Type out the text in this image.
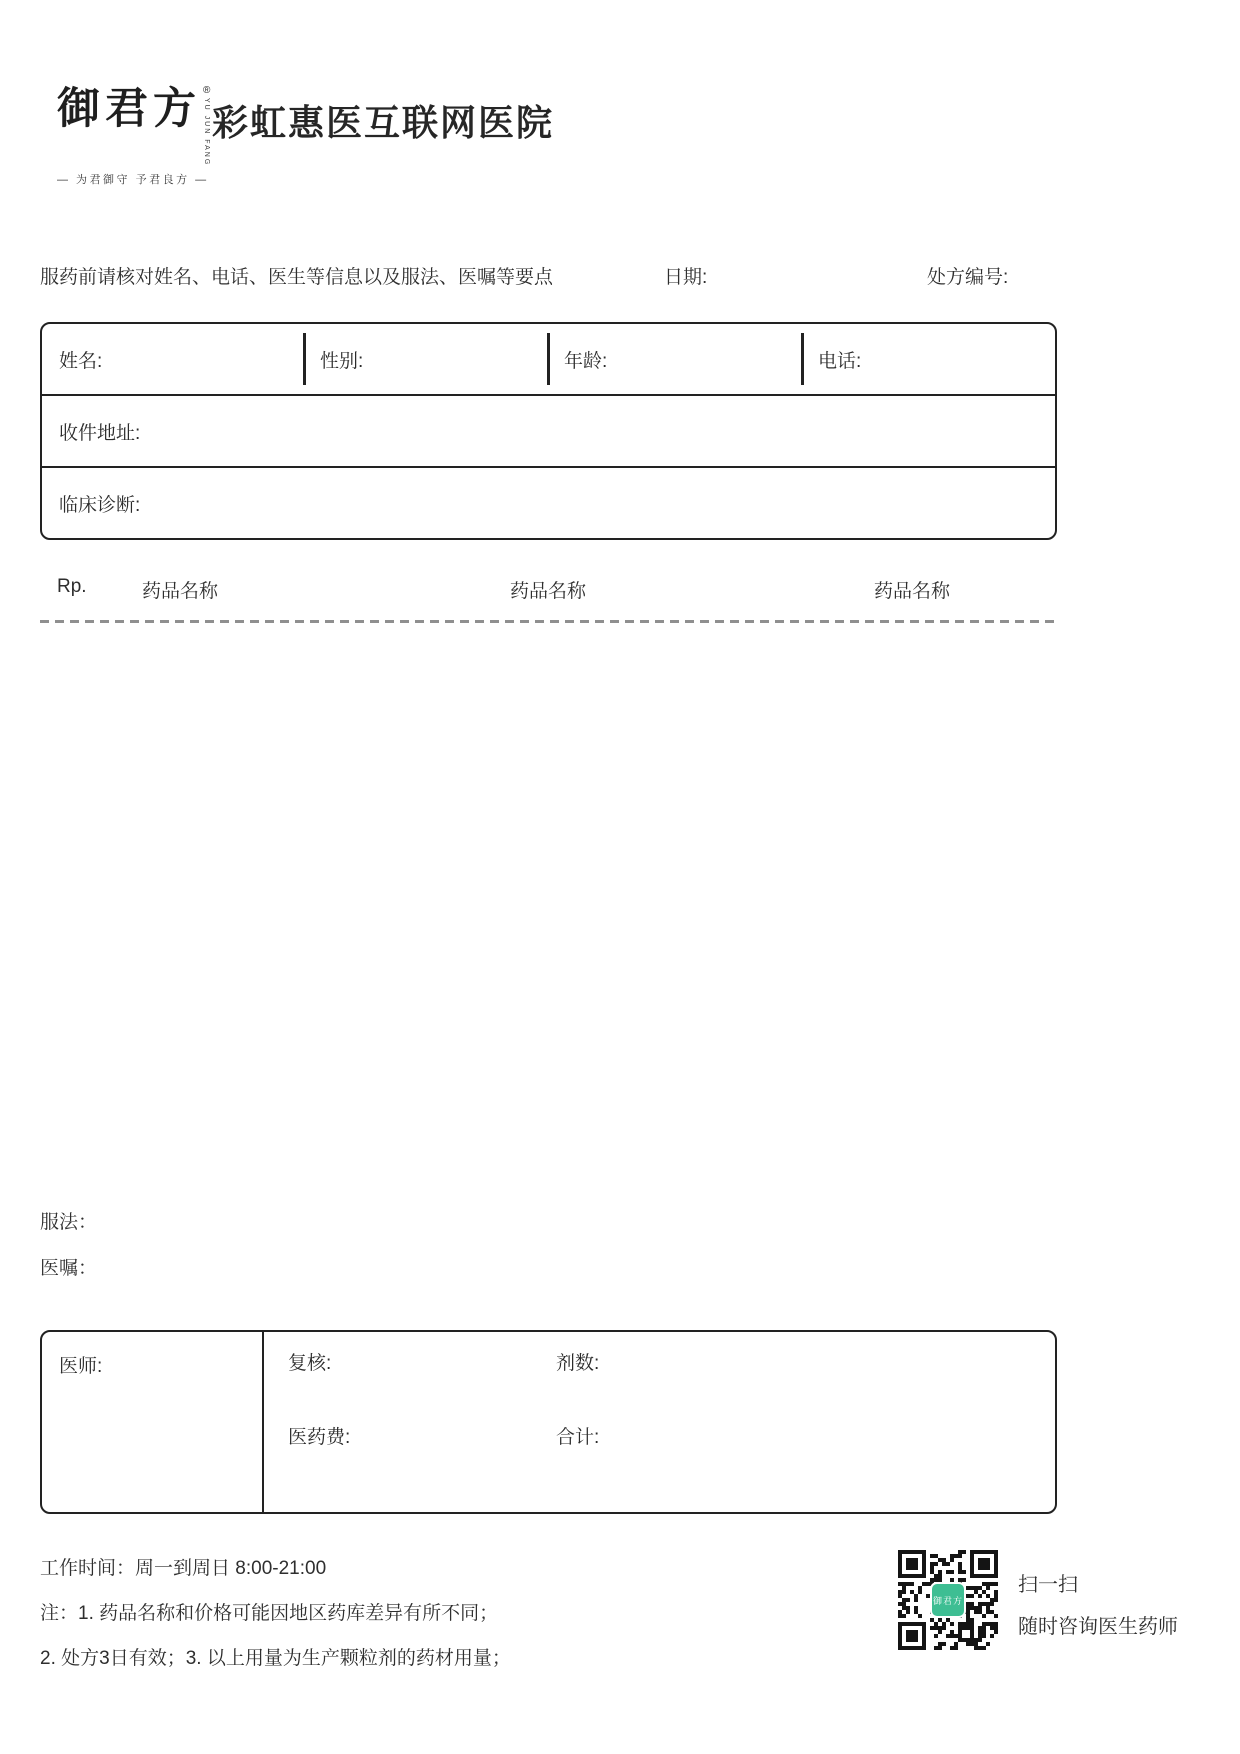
御君方 ®
YU JUN FANG
— 为君御守 予君良方 —
彩虹惠医互联网医院
服药前请核对姓名、电话、医生等信息以及服法、医嘱等要点	日期:	处方编号:
姓名:	性别:	年龄:	电话:
收件地址:
临床诊断:
Rp.	药品名称	药品名称	药品名称
服法：
医嘱：
医师:	复核:	剂数:
医药费:	合计:
工作时间：周一到周日 8:00-21:00
注：1. 药品名称和价格可能因地区药库差异有所不同；
2. 处方3日有效；3. 以上用量为生产颗粒剂的药材用量；
御君方
扫一扫
随时咨询医生药师
